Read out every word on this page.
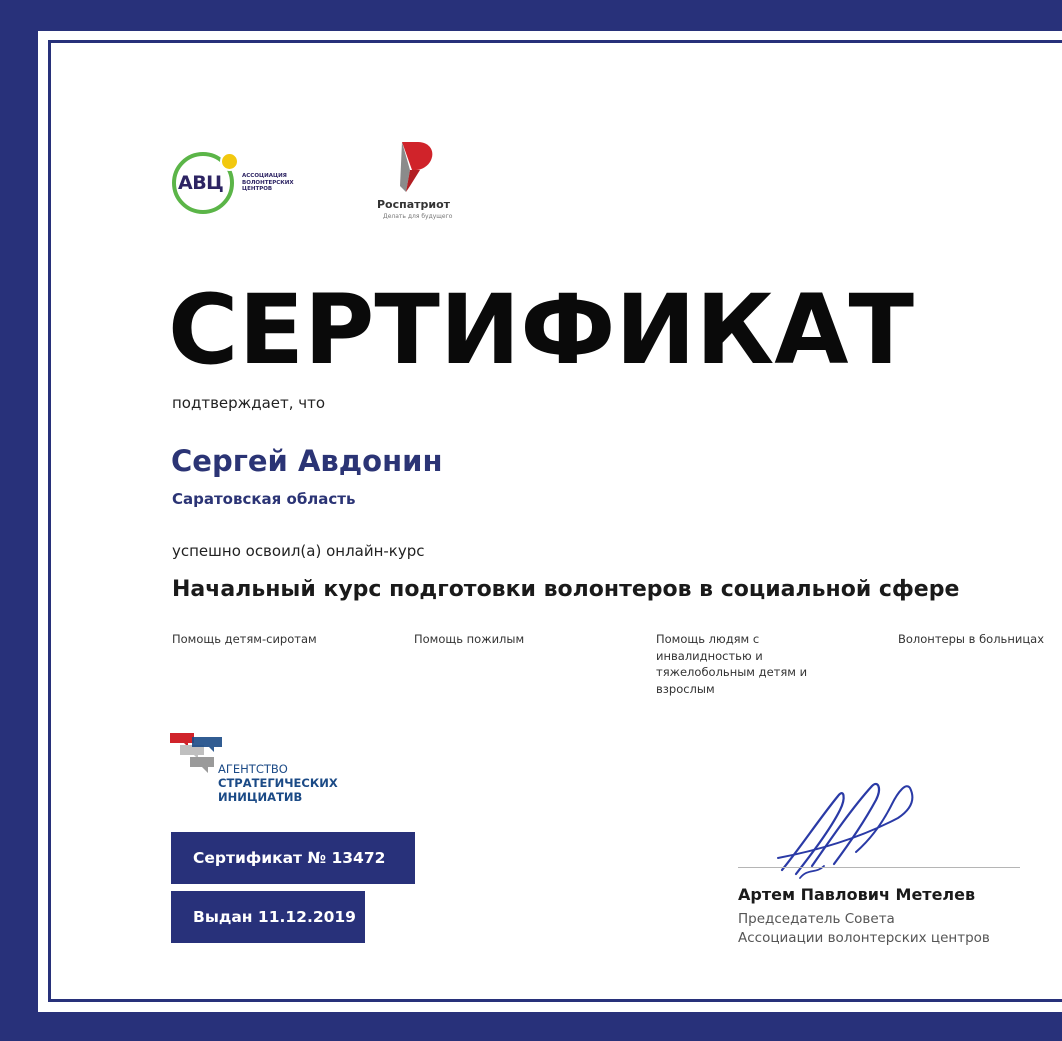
АВЦ	АССОЦИАЦИЯ ВОЛОНТЕРСКИХ ЦЕНТРОВ
Роспатриот
Делать для будущего
СЕРТИФИКАТ
подтверждает, что
Сергей Авдонин
Саратовская область
успешно освоил(а) онлайн-курс
Начальный курс подготовки волонтеров в социальной сфере
Помощь детям-сиротам	Помощь пожилым	Помощь людям с инвалидностью и тяжелобольным детям и взрослым
Волонтеры в больницах
АГЕНТСТВО
СТРАТЕГИЧЕСКИХ
ИНИЦИАТИВ
Сертификат № 13472
Выдан 11.12.2019
Артем Павлович Метелев
Председатель Совета
Ассоциации волонтерских центров
